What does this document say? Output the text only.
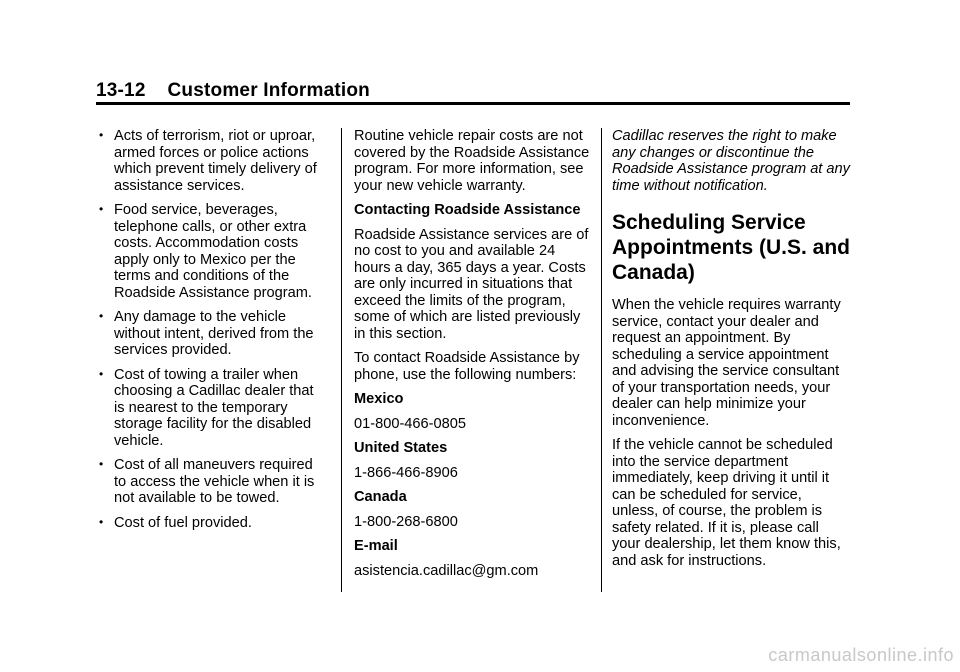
13-12    Customer Information
• Acts of terrorism, riot or uproar, armed forces or police actions which prevent timely delivery of assistance services.
• Food service, beverages, telephone calls, or other extra costs. Accommodation costs apply only to Mexico per the terms and conditions of the Roadside Assistance program.
• Any damage to the vehicle without intent, derived from the services provided.
• Cost of towing a trailer when choosing a Cadillac dealer that is nearest to the temporary storage facility for the disabled vehicle.
• Cost of all maneuvers required to access the vehicle when it is not available to be towed.
• Cost of fuel provided.

Routine vehicle repair costs are not covered by the Roadside Assistance program. For more information, see your new vehicle warranty.

Contacting Roadside Assistance

Roadside Assistance services are of no cost to you and available 24 hours a day, 365 days a year. Costs are only incurred in situations that exceed the limits of the program, some of which are listed previously in this section.

To contact Roadside Assistance by phone, use the following numbers:

Mexico

01-800-466-0805

United States

1-866-466-8906

Canada

1-800-268-6800

E-mail

asistencia.cadillac@gm.com

Cadillac reserves the right to make any changes or discontinue the Roadside Assistance program at any time without notification.

Scheduling Service Appointments (U.S. and Canada)

When the vehicle requires warranty service, contact your dealer and request an appointment. By scheduling a service appointment and advising the service consultant of your transportation needs, your dealer can help minimize your inconvenience.

If the vehicle cannot be scheduled into the service department immediately, keep driving it until it can be scheduled for service, unless, of course, the problem is safety related. If it is, please call your dealership, let them know this, and ask for instructions.

carmanualsonline.info
